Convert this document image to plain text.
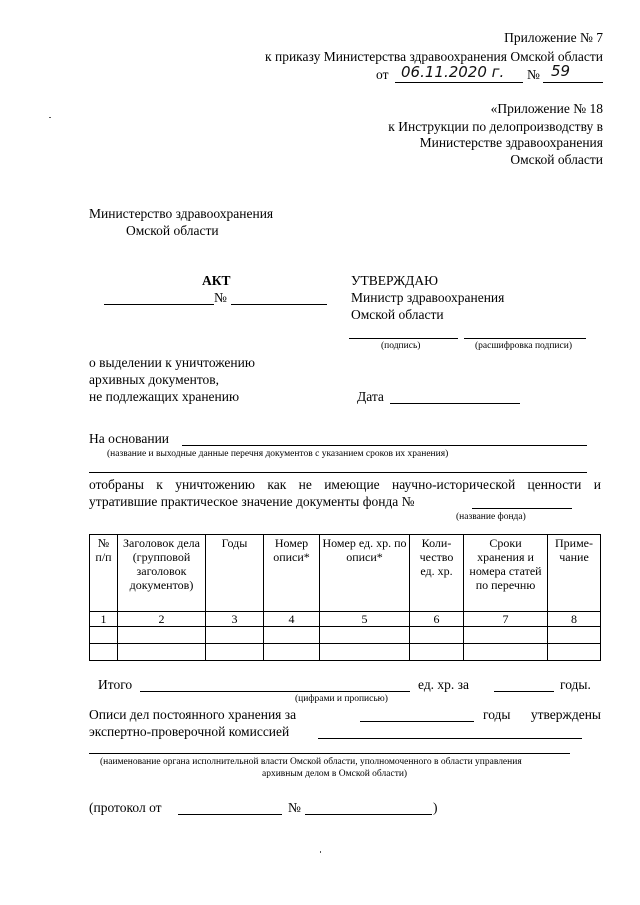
Приложение № 7
к приказу Министерства здравоохранения Омской области
от 06.11.2020 г. № 59
«Приложение № 18
к Инструкции по делопроизводству в
Министерстве здравоохранения
Омской области
Министерство здравоохранения
Омской области
АКТ
№
УТВЕРЖДАЮ
Министр здравоохранения
Омской области
(подпись)	(расшифровка подписи)
о выделении к уничтожению
архивных документов,
не подлежащих хранению	Дата
На основании
(название и выходные данные перечня документов с указанием сроков их хранения)
отобраны к уничтожению как не имеющие научно-исторической ценности и
утратившие практическое значение документы фонда №
(название фонда)
№ п/п	Заголовок дела (групповой заголовок документов)	Годы	Номер описи*	Номер ед. хр. по описи*	Коли-чество ед. хр.	Сроки хранения и номера статей по перечню	Приме-чание
1	2	3	4	5	6	7	8

Итого	ед. хр. за	годы.
(цифрами и прописью)
Описи дел постоянного хранения за	годы утверждены
экспертно-проверочной комиссией
(наименование органа исполнительной власти Омской области, уполномоченного в области управления
архивным делом в Омской области)
(протокол от	№	)
